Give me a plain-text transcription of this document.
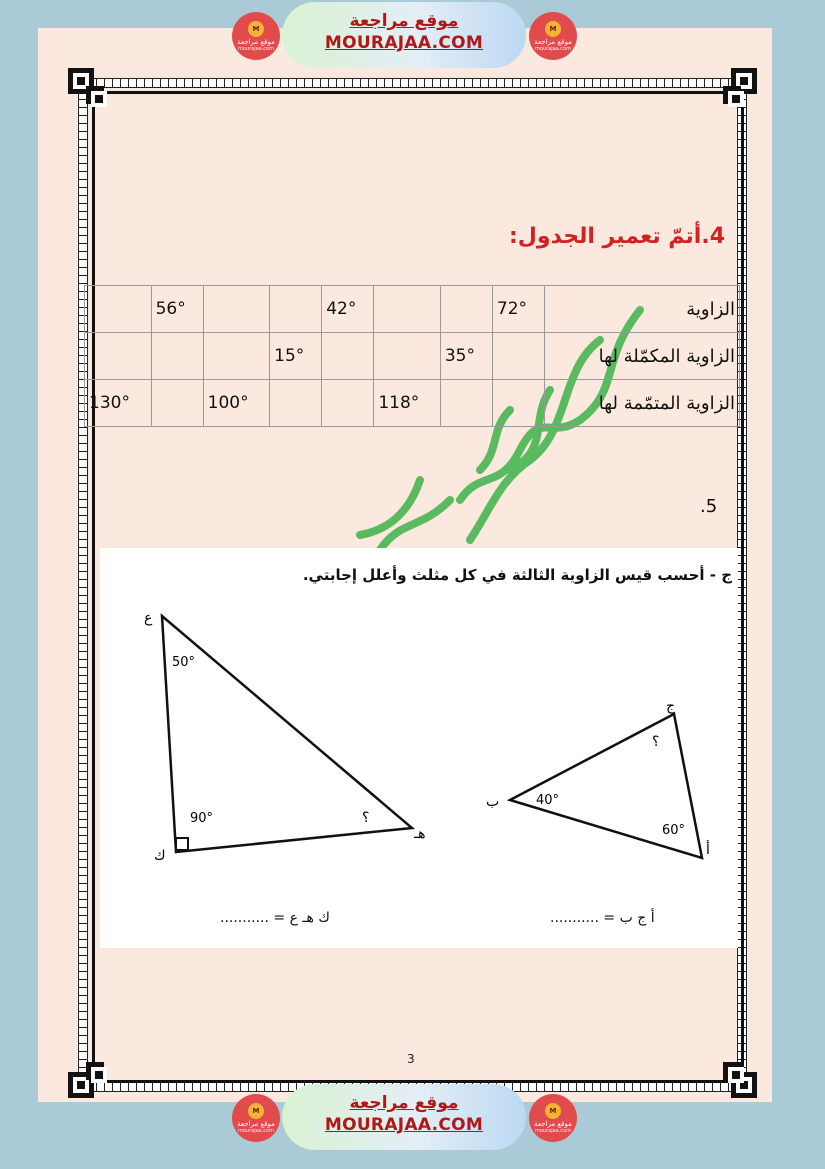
M
موقع مراجعة
mourajaa.com
موقع مراجعة
MOURAJAA.COM
M
موقع مراجعة
mourajaa.com
4.أتمّ تعمير الجدول:
الزاوية	72°			42°			56°	
الزاوية المكمّلة لها		35°			15°			
الزاوية المتمّمة لها			118°			100°		130°
.5
ج - أحسب قيس الزاوية الثالثة في كل مثلث وأعلل إجابتي.
ع
ك
هـ
50°
90°	؟
ج
ب
أ
40°
60°
؟
ك هـ ع = ...........	أ ج ب = ...........
3
M
موقع مراجعة
mourajaa.com
موقع مراجعة
MOURAJAA.COM
M
موقع مراجعة
mourajaa.com
